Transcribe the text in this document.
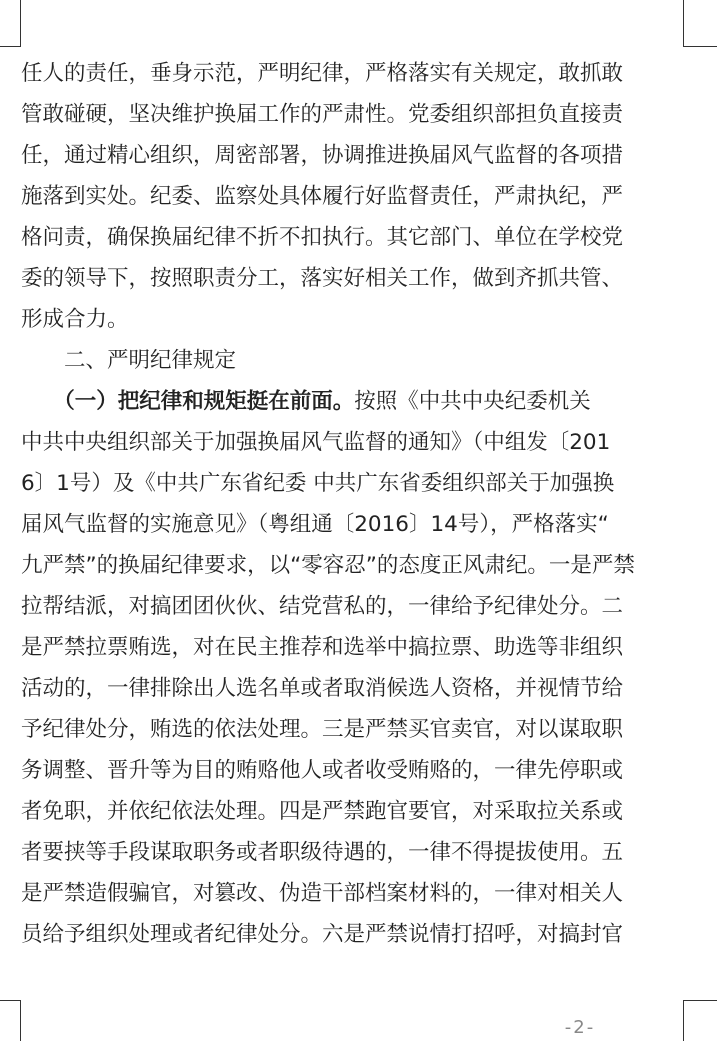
任人的责任，垂身示范，严明纪律，严格落实有关规定，敢抓敢
管敢碰硬，坚决维护换届工作的严肃性。党委组织部担负直接责
任，通过精心组织，周密部署，协调推进换届风气监督的各项措
施落到实处。纪委、监察处具体履行好监督责任，严肃执纪，严
格问责，确保换届纪律不折不扣执行。其它部门、单位在学校党
委的领导下，按照职责分工，落实好相关工作，做到齐抓共管、
形成合力。
　　二、严明纪律规定
　　（一）把纪律和规矩挺在前面。按照《中共中央纪委机关
中共中央组织部关于加强换届风气监督的通知》（中组发〔201
6〕1号）及《中共广东省纪委 中共广东省委组织部关于加强换
届风气监督的实施意见》（粤组通〔2016〕14号），严格落实“
九严禁”的换届纪律要求，以“零容忍”的态度正风肃纪。一是严禁
拉帮结派，对搞团团伙伙、结党营私的，一律给予纪律处分。二
是严禁拉票贿选，对在民主推荐和选举中搞拉票、助选等非组织
活动的，一律排除出人选名单或者取消候选人资格，并视情节给
予纪律处分，贿选的依法处理。三是严禁买官卖官，对以谋取职
务调整、晋升等为目的贿赂他人或者收受贿赂的，一律先停职或
者免职，并依纪依法处理。四是严禁跑官要官，对采取拉关系或
者要挟等手段谋取职务或者职级待遇的，一律不得提拔使用。五
是严禁造假骗官，对篡改、伪造干部档案材料的，一律对相关人
员给予组织处理或者纪律处分。六是严禁说情打招呼，对搞封官
-2-
